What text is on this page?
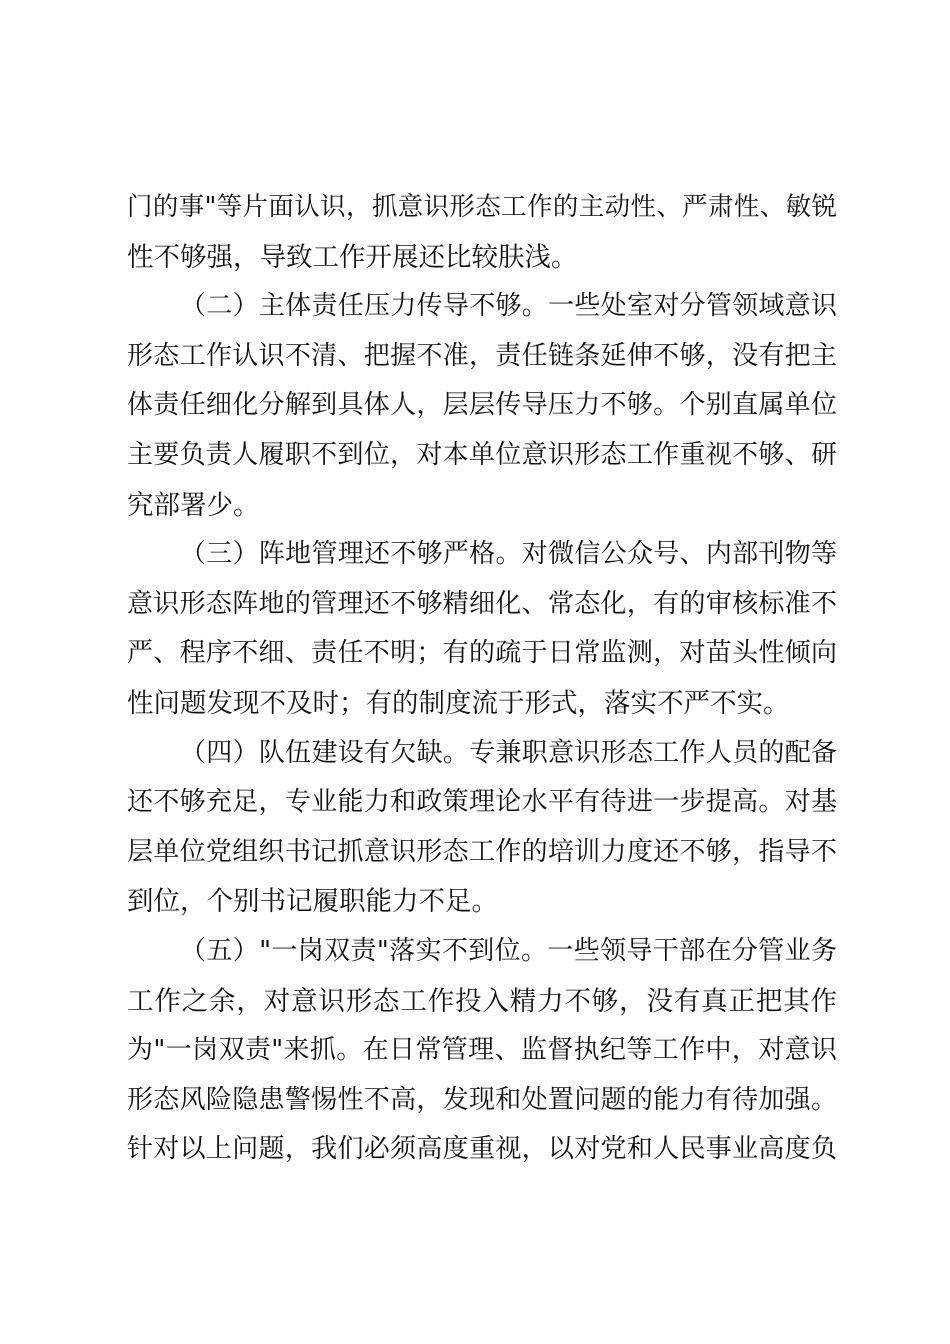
门的事"等片面认识，抓意识形态工作的主动性、严肃性、敏锐
性不够强，导致工作开展还比较肤浅。
（二）主体责任压力传导不够。一些处室对分管领域意识
形态工作认识不清、把握不准，责任链条延伸不够，没有把主
体责任细化分解到具体人，层层传导压力不够。个别直属单位
主要负责人履职不到位，对本单位意识形态工作重视不够、研
究部署少。
（三）阵地管理还不够严格。对微信公众号、内部刊物等
意识形态阵地的管理还不够精细化、常态化，有的审核标准不
严、程序不细、责任不明；有的疏于日常监测，对苗头性倾向
性问题发现不及时；有的制度流于形式，落实不严不实。
（四）队伍建设有欠缺。专兼职意识形态工作人员的配备
还不够充足，专业能力和政策理论水平有待进一步提高。对基
层单位党组织书记抓意识形态工作的培训力度还不够，指导不
到位，个别书记履职能力不足。
（五）"一岗双责"落实不到位。一些领导干部在分管业务
工作之余，对意识形态工作投入精力不够，没有真正把其作
为"一岗双责"来抓。在日常管理、监督执纪等工作中，对意识
形态风险隐患警惕性不高，发现和处置问题的能力有待加强。
针对以上问题，我们必须高度重视，以对党和人民事业高度负
